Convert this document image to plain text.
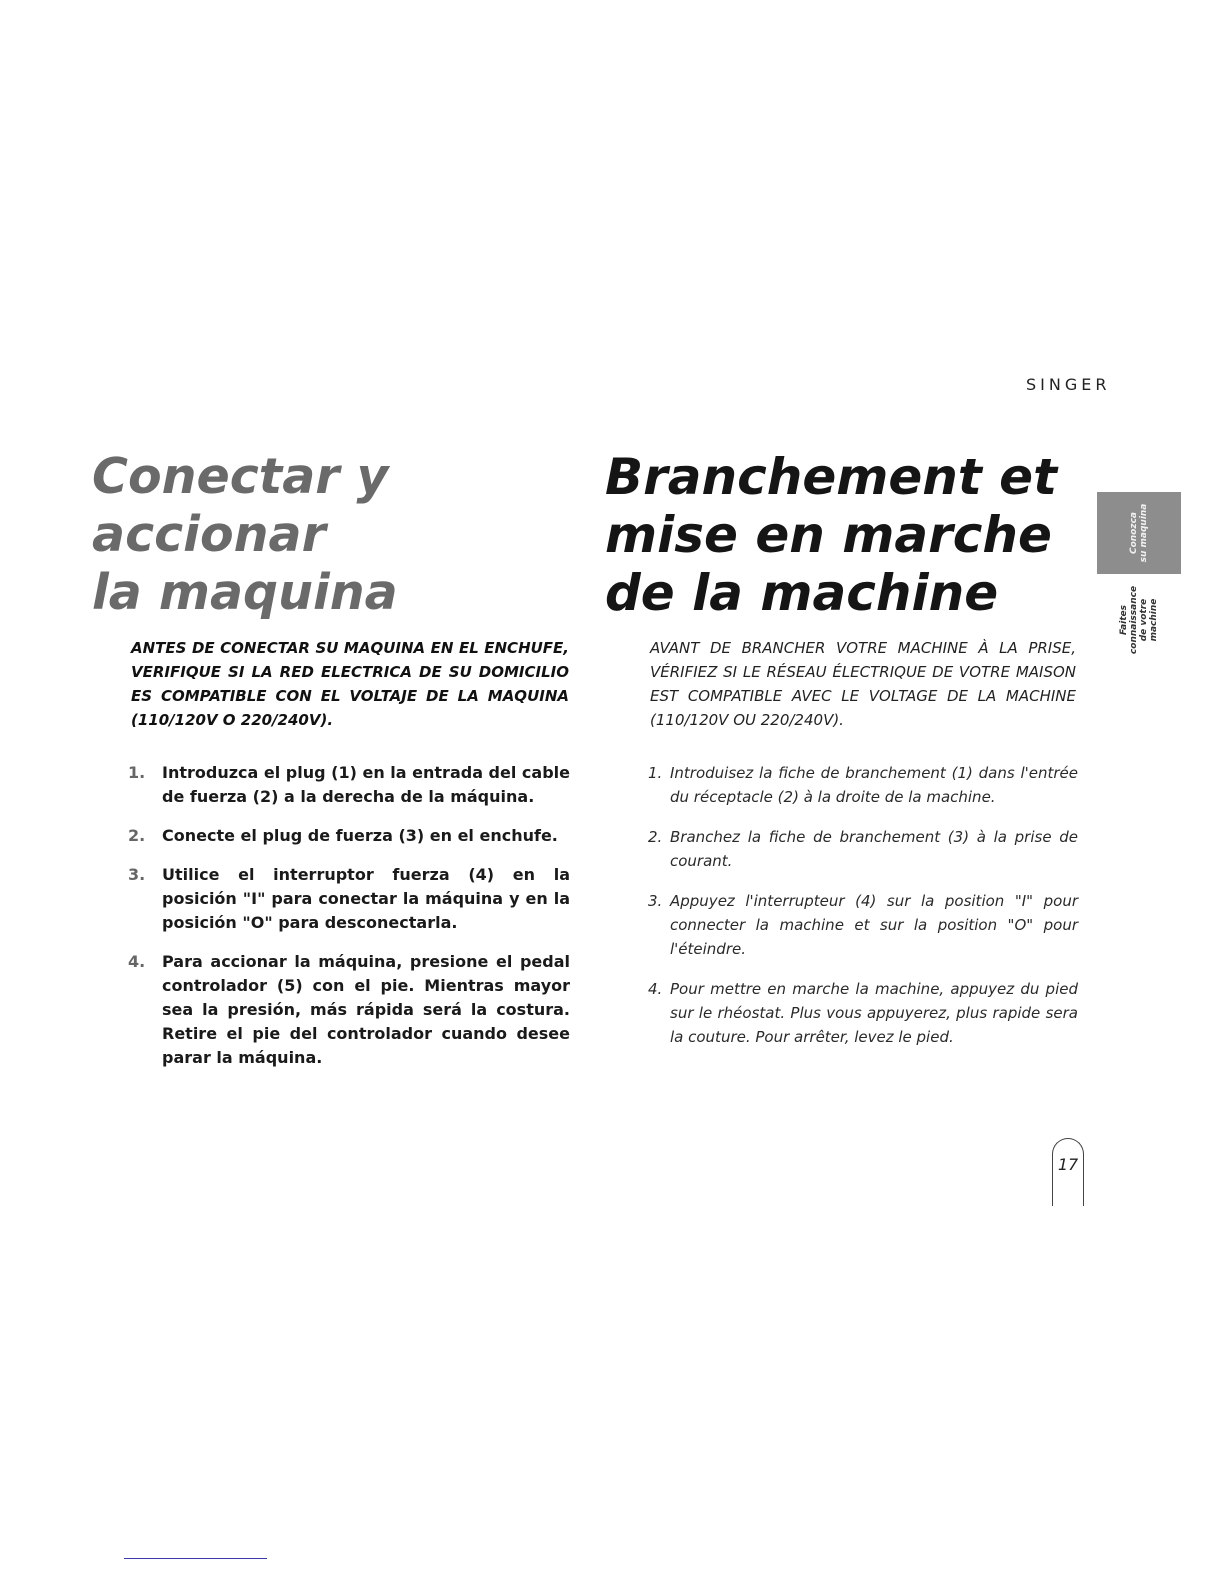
SINGER
Conectar y
accionar
la maquina
Branchement et
mise en marche
de la machine
Conozca su maquina
Faites connaissance de votre machine

ANTES DE CONECTAR SU MAQUINA EN EL ENCHUFE, VERIFIQUE SI LA RED ELECTRICA DE SU DOMICILIO ES COMPATIBLE CON EL VOLTAJE DE LA MAQUINA (110/120V O 220/240V).

AVANT DE BRANCHER VOTRE MACHINE À LA PRISE, VÉRIFIEZ SI LE RÉSEAU ÉLECTRIQUE DE VOTRE MAISON EST COMPATIBLE AVEC LE VOLTAGE DE LA MACHINE (110/120V OU 220/240V).

1.	Introduzca el plug (1) en la entrada del cable de fuerza (2) a la derecha de la máquina.
2.	Conecte el plug de fuerza (3) en el enchufe.
3.	Utilice el interruptor fuerza (4) en la posición "I" para conectar la máquina y en la posición "O" para desconectarla.
4.	Para accionar la máquina, presione el pedal controlador (5) con el pie. Mientras mayor sea la presión, más rápida será la costura. Retire el pie del controlador cuando desee parar la máquina.
1. Introduisez la fiche de branchement (1) dans l'entrée du réceptacle (2) à la droite de la machine.
2. Branchez la fiche de branchement (3) à la prise de courant.
3. Appuyez l'interrupteur (4) sur la position "I" pour connecter la machine et sur la position "O" pour l'éteindre.
4. Pour mettre en marche la machine, appuyez du pied sur le rhéostat. Plus vous appuyerez, plus rapide sera la couture. Pour arrêter, levez le pied.
17
